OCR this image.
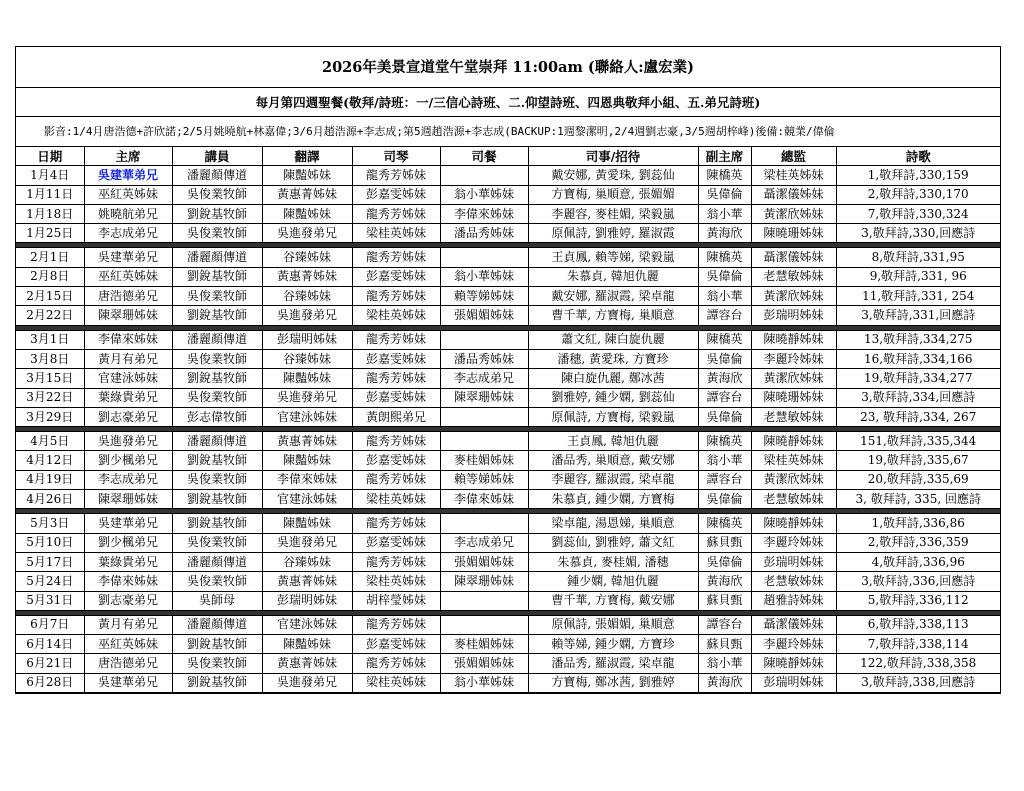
2026年美景宣道堂午堂崇拜 11:00am (聯絡人:盧宏業)
每月第四週聖餐(敬拜/詩班：一/三信心詩班、二.仰望詩班、四恩典敬拜小組、五.弟兄詩班)
影音:1/4月唐浩德+許欣諾;2/5月姚曉航+林嘉偉;3/6月趙浩源+李志成;第5週趙浩源+李志成(BACKUP:1週黎潔明,2/4週劉志豪,3/5週胡梓峰)後備:競業/偉倫
日期	主席	講員	翻譯	司琴	司餐	司事/招待	副主席	總監	詩歌
1月4日	吳建華弟兄	潘麗顏傳道	陳豔姊妹	龍秀芳姊妹		戴安娜, 黃愛珠, 劉蕊仙	陳橋英	梁桂英姊妹	1,敬拜詩,330,159
1月11日	巫紅英姊妹	吳俊業牧師	黃惠菁姊妹	彭嘉雯姊妹	翁小華姊妹	方寶梅, 巢順意, 張媚媚	吳偉倫	聶潔儀姊妹	2,敬拜詩,330,170
1月18日	姚曉航弟兄	劉銳基牧師	陳豔姊妹	龍秀芳姊妹	李偉來姊妹	李麗容, 麥桂媚, 梁毅嵐	翁小華	黃潔欣姊妹	7,敬拜詩,330,324
1月25日	李志成弟兄	吳俊業牧師	吳進發弟兄	梁桂英姊妹	潘品秀姊妹	原佩詩, 劉雅婷, 羅淑霞	黃海欣	陳曉珊姊妹	3,敬拜詩,330,回應詩

2月1日	吳建華弟兄	潘麗顏傳道	谷臻姊妹	龍秀芳姊妹		王貞鳳, 賴等娣, 梁毅嵐	陳橋英	聶潔儀姊妹	8,敬拜詩,331,95
2月8日	巫紅英姊妹	劉銳基牧師	黃惠菁姊妹	彭嘉雯姊妹	翁小華姊妹	朱慕貞, 韓旭仇麗	吳偉倫	老慧敏姊妹	9,敬拜詩,331, 96
2月15日	唐浩德弟兄	吳俊業牧師	谷臻姊妹	龍秀芳姊妹	賴等娣姊妹	戴安娜, 羅淑霞, 梁卓龍	翁小華	黃潔欣姊妹	11,敬拜詩,331, 254
2月22日	陳翠珊姊妹	劉銳基牧師	吳進發弟兄	梁桂英姊妹	張媚媚姊妹	曹千華, 方寶梅, 巢順意	譚容台	彭瑞明姊妹	3,敬拜詩,331,回應詩

3月1日	李偉來姊妹	潘麗顏傳道	彭瑞明姊妹	龍秀芳姊妹		蕭文紅, 陳白旋仇麗	陳橋英	陳曉靜姊妹	13,敬拜詩,334,275
3月8日	黃月有弟兄	吳俊業牧師	谷臻姊妹	彭嘉雯姊妹	潘品秀姊妹	潘穗, 黃愛珠, 方寶珍	吳偉倫	李麗玲姊妹	16,敬拜詩,334,166
3月15日	官建泳姊妹	劉銳基牧師	陳豔姊妹	龍秀芳姊妹	李志成弟兄	陳白旋仇麗, 鄭冰茜	黃海欣	黃潔欣姊妹	19,敬拜詩,334,277
3月22日	葉綠貴弟兄	吳俊業牧師	吳進發弟兄	彭嘉雯姊妹	陳翠珊姊妹	劉雅婷, 鍾少嫻, 劉蕊仙	譚容台	陳曉珊姊妹	3,敬拜詩,334,回應詩
3月29日	劉志豪弟兄	彭志偉牧師	官建泳姊妹	黃朗熙弟兄		原佩詩, 方寶梅, 梁毅嵐	吳偉倫	老慧敏姊妹	23, 敬拜詩,334, 267

4月5日	吳進發弟兄	潘麗顏傳道	黃惠菁姊妹	龍秀芳姊妹		王貞鳳, 韓旭仇麗	陳橋英	陳曉靜姊妹	151,敬拜詩,335,344
4月12日	劉少楓弟兄	劉銳基牧師	陳豔姊妹	彭嘉雯姊妹	麥桂媚姊妹	潘品秀, 巢順意, 戴安娜	翁小華	梁桂英姊妹	19,敬拜詩,335,67
4月19日	李志成弟兄	吳俊業牧師	李偉來姊妹	龍秀芳姊妹	賴等娣姊妹	李麗容, 羅淑霞, 梁卓龍	譚容台	黃潔欣姊妹	20,敬拜詩,335,69
4月26日	陳翠珊姊妹	劉銳基牧師	官建泳姊妹	梁桂英姊妹	李偉來姊妹	朱慕貞, 鍾少嫻, 方寶梅	吳偉倫	老慧敏姊妹	3, 敬拜詩, 335, 回應詩

5月3日	吳建華弟兄	劉銳基牧師	陳豔姊妹	龍秀芳姊妹		梁卓龍, 湯恩娣, 巢順意	陳橋英	陳曉靜姊妹	1,敬拜詩,336,86
5月10日	劉少楓弟兄	吳俊業牧師	吳進發弟兄	彭嘉雯姊妹	李志成弟兄	劉蕊仙, 劉雅婷, 蕭文紅	蘇貝甄	李麗玲姊妹	2,敬拜詩,336,359
5月17日	葉綠貴弟兄	潘麗顏傳道	谷臻姊妹	龍秀芳姊妹	張媚媚姊妹	朱慕貞, 麥桂媚, 潘穗	吳偉倫	彭瑞明姊妹	4,敬拜詩,336,96
5月24日	李偉來姊妹	吳俊業牧師	黃惠菁姊妹	梁桂英姊妹	陳翠珊姊妹	鍾少嫻, 韓旭仇麗	黃海欣	老慧敏姊妹	3,敬拜詩,336,回應詩
5月31日	劉志豪弟兄	吳師母	彭瑞明姊妹	胡梓瑩姊妹		曹千華, 方寶梅, 戴安娜	蘇貝甄	趙雅詩姊妹	5,敬拜詩,336,112

6月7日	黃月有弟兄	潘麗顏傳道	官建泳姊妹	龍秀芳姊妹		原佩詩, 張媚媚, 巢順意	譚容台	聶潔儀姊妹	6,敬拜詩,338,113
6月14日	巫紅英姊妹	劉銳基牧師	陳豔姊妹	彭嘉雯姊妹	麥桂媚姊妹	賴等娣, 鍾少嫻, 方寶珍	蘇貝甄	李麗玲姊妹	7,敬拜詩,338,114
6月21日	唐浩德弟兄	吳俊業牧師	黃惠菁姊妹	龍秀芳姊妹	張媚媚姊妹	潘品秀, 羅淑霞, 梁卓龍	翁小華	陳曉靜姊妹	122,敬拜詩,338,358
6月28日	吳建華弟兄	劉銳基牧師	吳進發弟兄	梁桂英姊妹	翁小華姊妹	方寶梅, 鄭冰茜, 劉雅婷	黃海欣	彭瑞明姊妹	3,敬拜詩,338,回應詩
